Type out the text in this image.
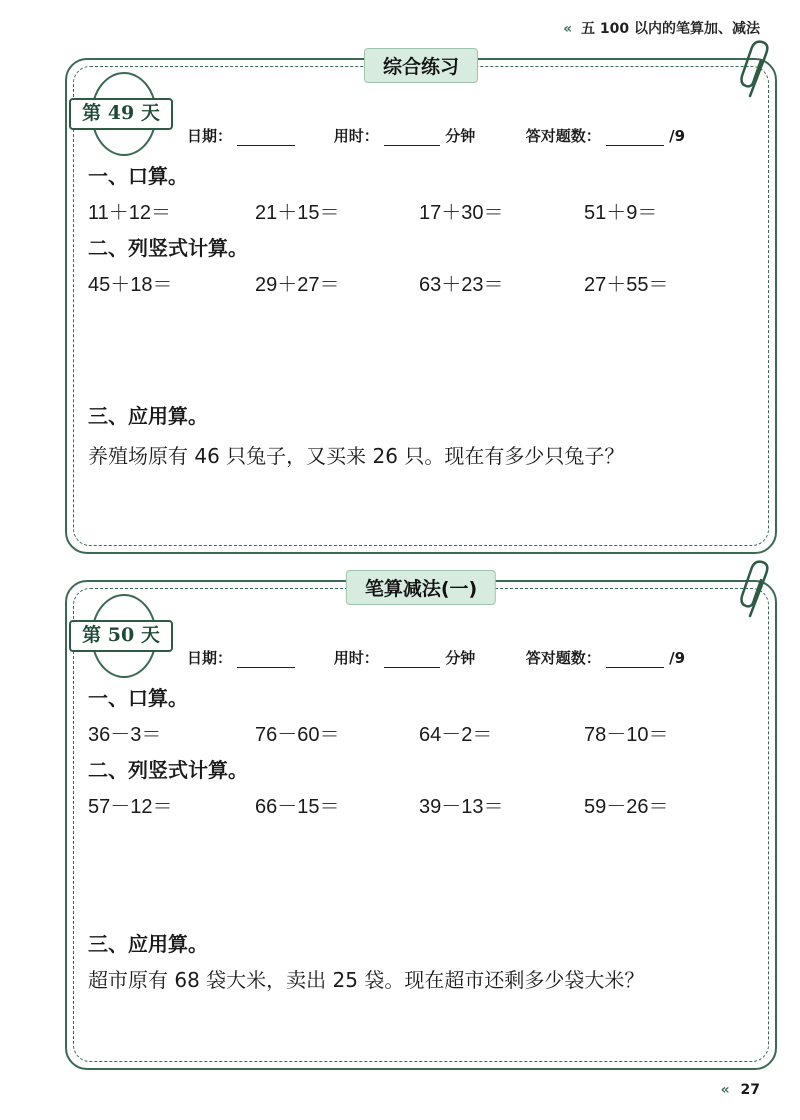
« 五 100 以内的笔算加、减法
综合练习
第 49 天
日期：	用时：	分钟	答对题数：	/9
一、口算。
11＋12＝	21＋15＝	17＋30＝	51＋9＝
二、列竖式计算。
45＋18＝	29＋27＝	63＋23＝	27＋55＝
三、应用算。
养殖场原有 46 只兔子，又买来 26 只。现在有多少只兔子？
笔算减法(一)
第 50 天
日期：	用时：	分钟	答对题数：	/9
一、口算。
36－3＝	76－60＝	64－2＝	78－10＝
二、列竖式计算。
57－12＝	66－15＝	39－13＝	59－26＝
三、应用算。
超市原有 68 袋大米，卖出 25 袋。现在超市还剩多少袋大米？
« 27
